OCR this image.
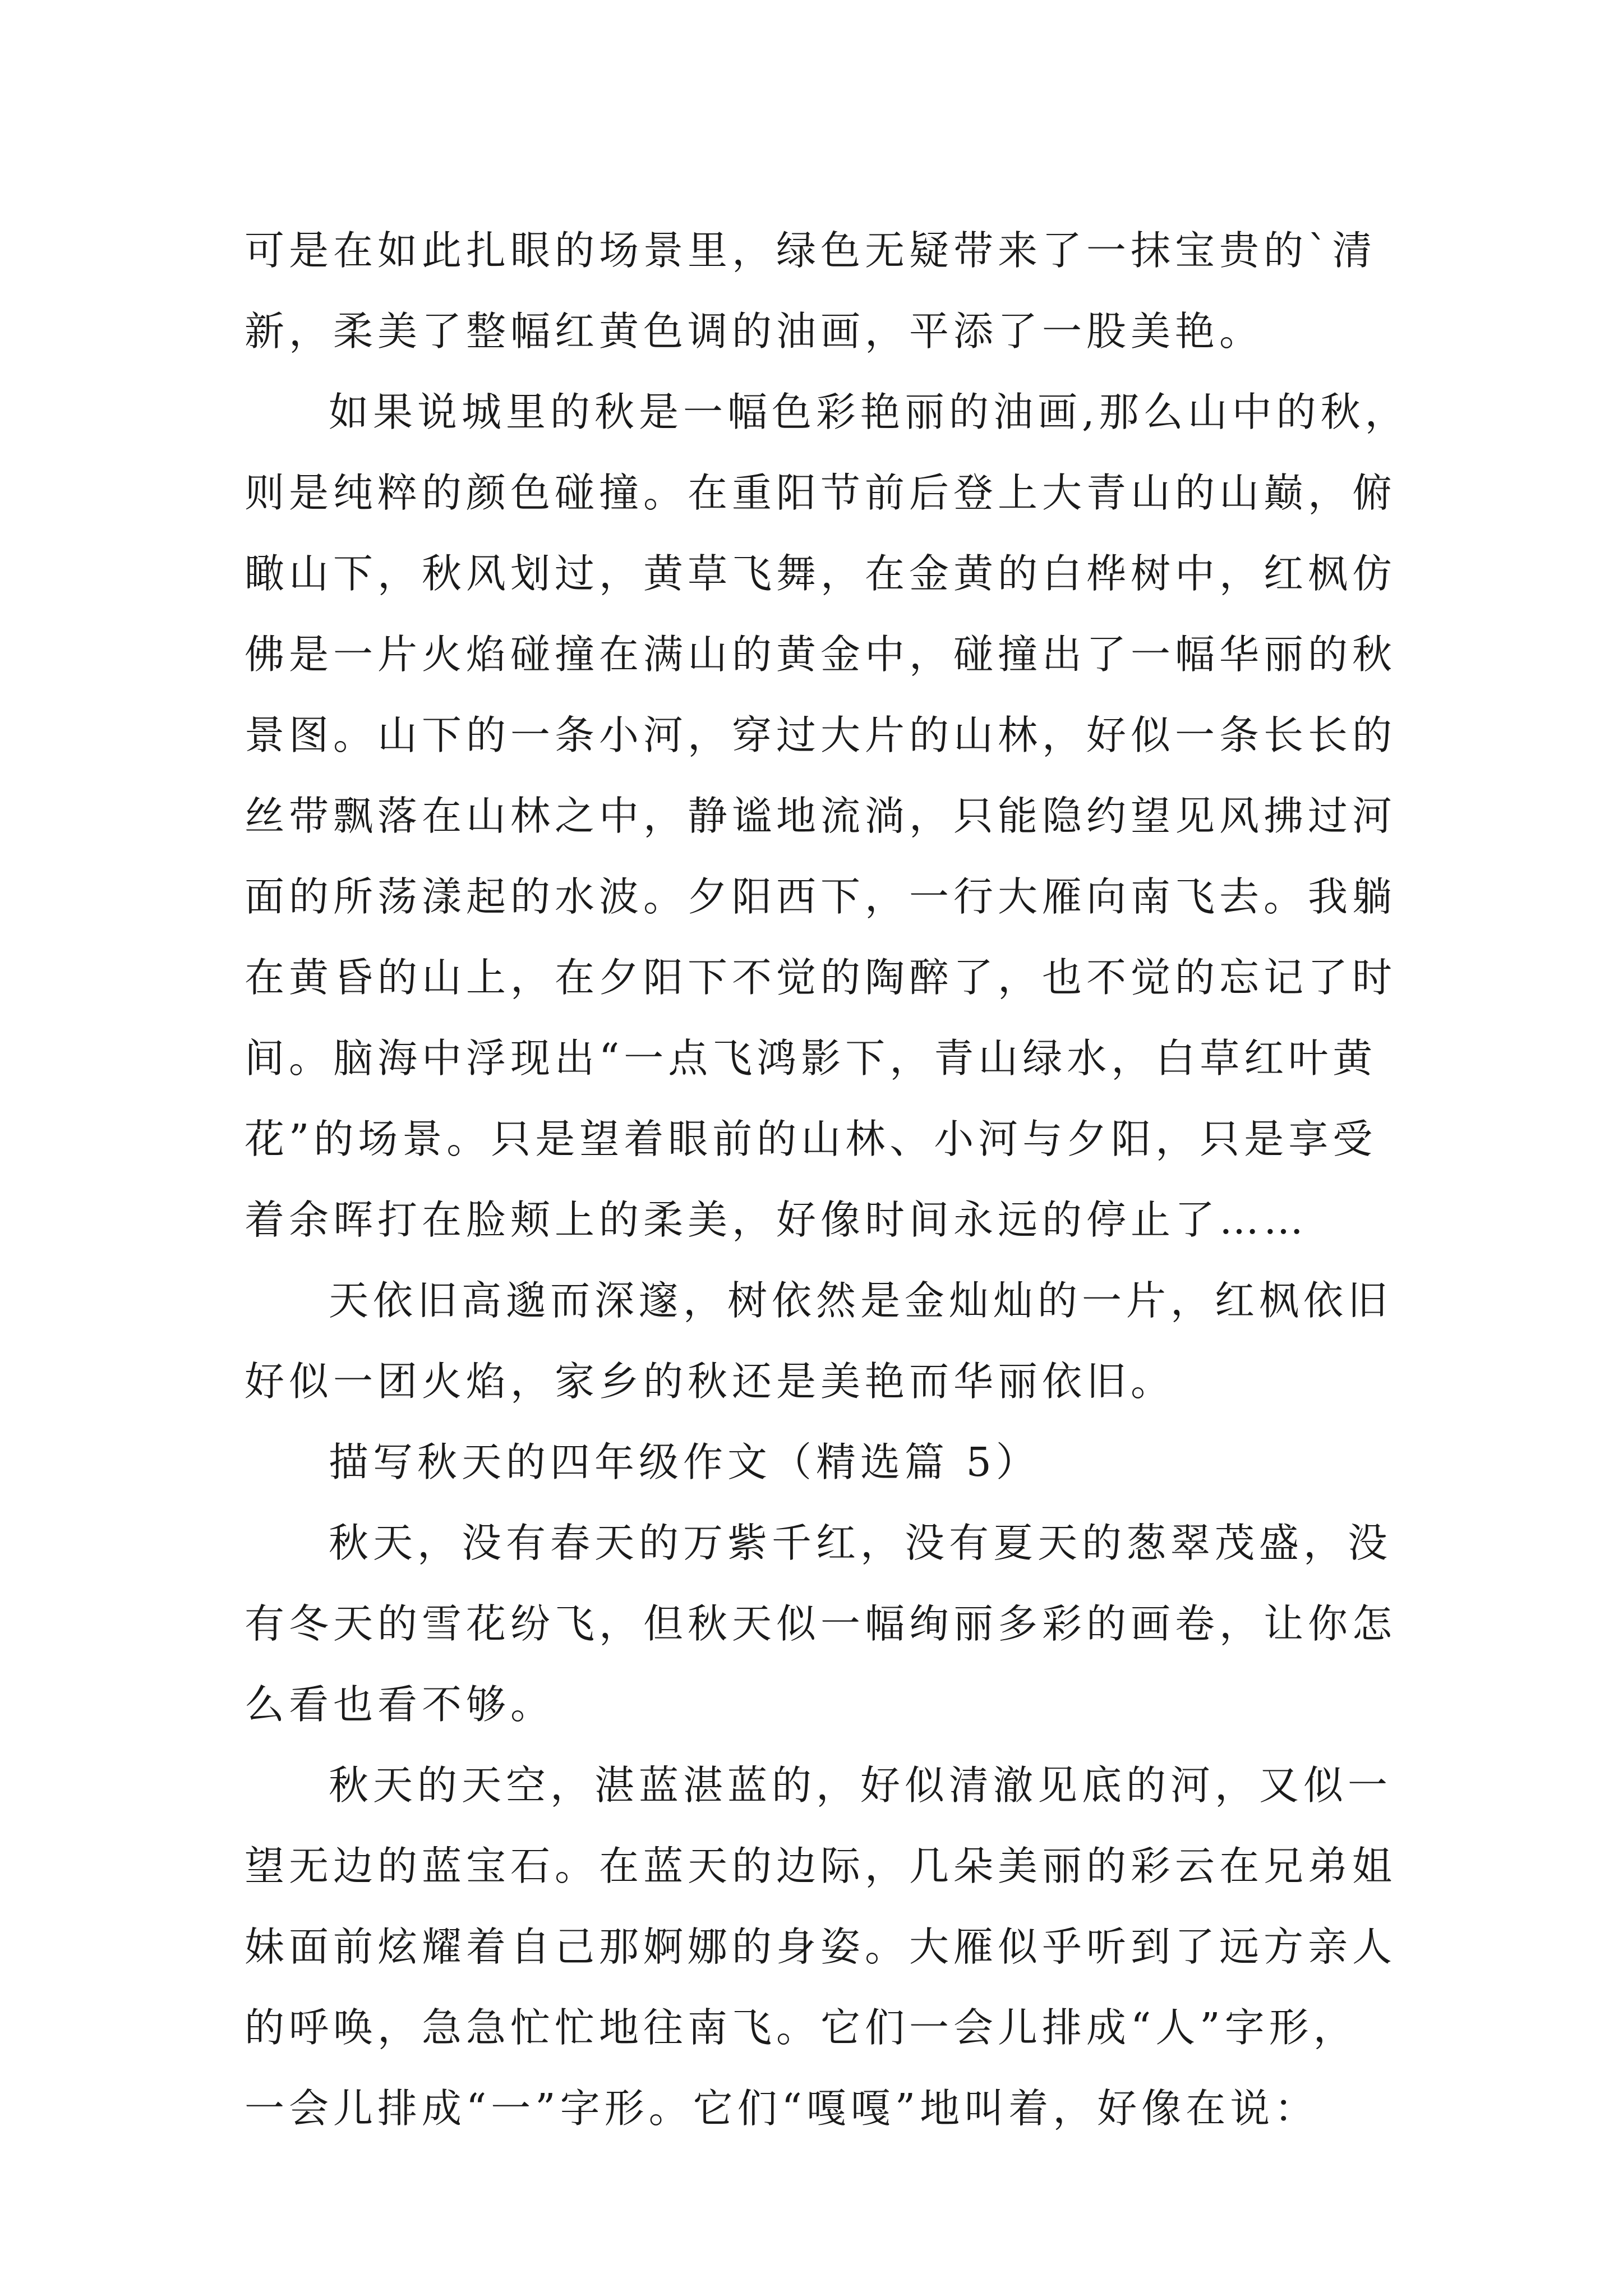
可是在如此扎眼的场景里，绿色无疑带来了一抹宝贵的`清
新，柔美了整幅红黄色调的油画，平添了一股美艳。
如果说城里的秋是一幅色彩艳丽的油画,那么山中的秋，
则是纯粹的颜色碰撞。在重阳节前后登上大青山的山巅，俯
瞰山下，秋风划过，黄草飞舞，在金黄的白桦树中，红枫仿
佛是一片火焰碰撞在满山的黄金中，碰撞出了一幅华丽的秋
景图。山下的一条小河，穿过大片的山林，好似一条长长的
丝带飘落在山林之中，静谧地流淌，只能隐约望见风拂过河
面的所荡漾起的水波。夕阳西下，一行大雁向南飞去。我躺
在黄昏的山上，在夕阳下不觉的陶醉了，也不觉的忘记了时
间。脑海中浮现出“一点飞鸿影下，青山绿水，白草红叶黄
花”的场景。只是望着眼前的山林、小河与夕阳，只是享受
着余晖打在脸颊上的柔美，好像时间永远的停止了……
天依旧高邈而深邃，树依然是金灿灿的一片，红枫依旧
好似一团火焰，家乡的秋还是美艳而华丽依旧。
描写秋天的四年级作文（精选篇 5）
秋天，没有春天的万紫千红，没有夏天的葱翠茂盛，没
有冬天的雪花纷飞，但秋天似一幅绚丽多彩的画卷，让你怎
么看也看不够。
秋天的天空，湛蓝湛蓝的，好似清澈见底的河，又似一
望无边的蓝宝石。在蓝天的边际，几朵美丽的彩云在兄弟姐
妹面前炫耀着自己那婀娜的身姿。大雁似乎听到了远方亲人
的呼唤，急急忙忙地往南飞。它们一会儿排成“人”字形，
一会儿排成“一”字形。它们“嘎嘎”地叫着，好像在说：
